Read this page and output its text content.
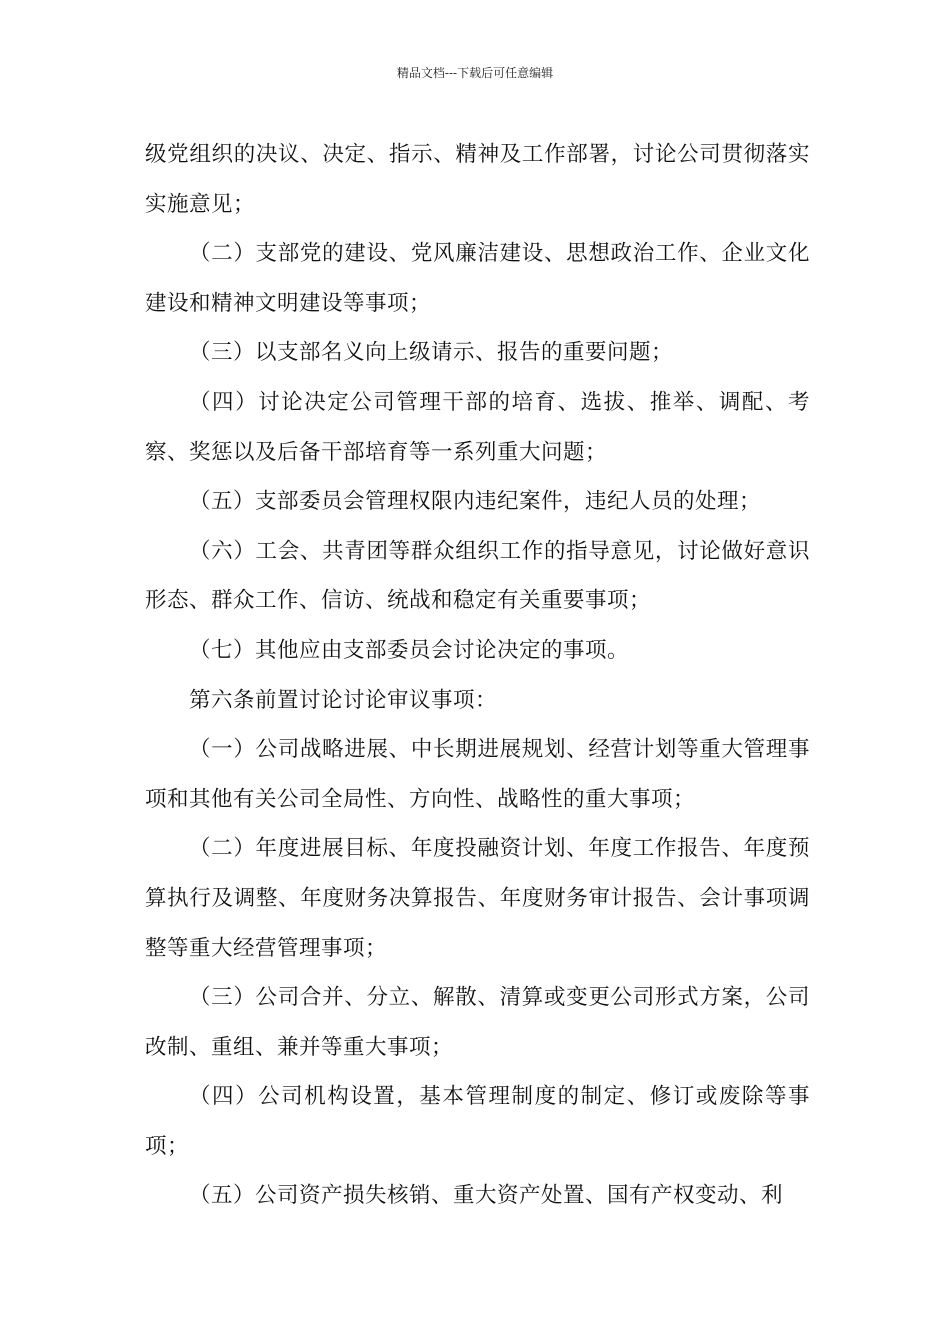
精品文档---下载后可任意编辑

级党组织的决议、决定、指示、精神及工作部署，讨论公司贯彻落实实施意见；

（二）支部党的建设、党风廉洁建设、思想政治工作、企业文化建设和精神文明建设等事项；

（三）以支部名义向上级请示、报告的重要问题；

（四）讨论决定公司管理干部的培育、选拔、推举、调配、考察、奖惩以及后备干部培育等一系列重大问题；

（五）支部委员会管理权限内违纪案件，违纪人员的处理；

（六）工会、共青团等群众组织工作的指导意见，讨论做好意识形态、群众工作、信访、统战和稳定有关重要事项；

（七）其他应由支部委员会讨论决定的事项。

第六条前置讨论讨论审议事项：

（一）公司战略进展、中长期进展规划、经营计划等重大管理事项和其他有关公司全局性、方向性、战略性的重大事项；

（二）年度进展目标、年度投融资计划、年度工作报告、年度预算执行及调整、年度财务决算报告、年度财务审计报告、会计事项调整等重大经营管理事项；

（三）公司合并、分立、解散、清算或变更公司形式方案，公司改制、重组、兼并等重大事项；

（四）公司机构设置，基本管理制度的制定、修订或废除等事项；

（五）公司资产损失核销、重大资产处置、国有产权变动、利
